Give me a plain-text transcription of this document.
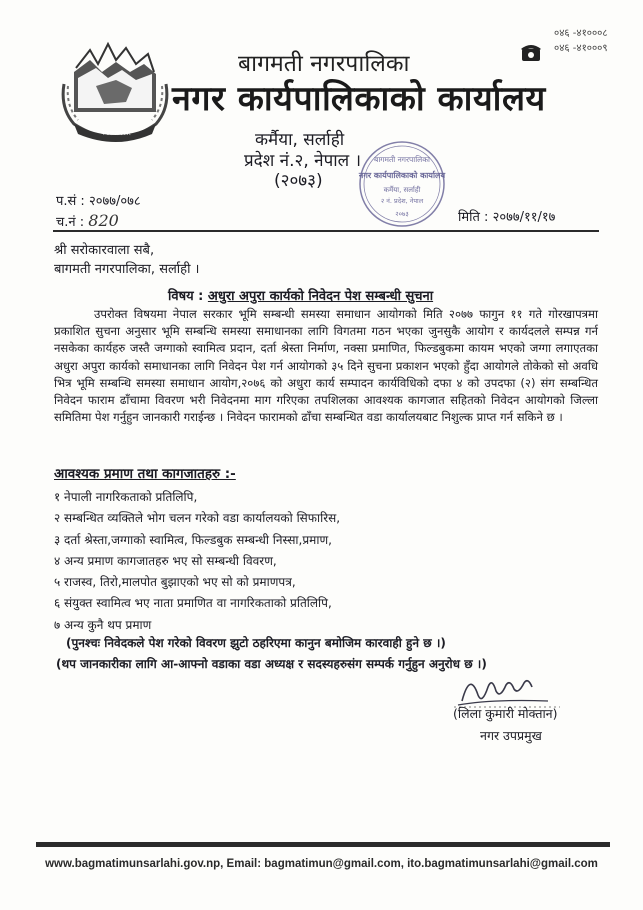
नेपाल सरकार
०४६ -४१०००८
०४६ -४१०००९
बागमती नगरपालिका
नगर कार्यपालिकाको कार्यालय
कर्मैया, सर्लाही
प्रदेश नं.२, नेपाल ।
(२०७३)
बागमती नगरपालिका
नगर कार्यपालिकाको कार्यालय
कर्मैया, सर्लाही
२ नं. प्रदेश, नेपाल
२०७३
प.सं : २०७७/०७८
च.नं : 820	मिति : २०७७/११/१७
श्री सरोकारवाला सबै,
बागमती नगरपालिका, सर्लाही ।
विषय : अधुरा अपुरा कार्यको निवेदन पेश सम्बन्धी सुचना
उपरोक्त विषयमा नेपाल सरकार भूमि सम्बन्धी समस्या समाधान आयोगको मिति २०७७ फागुन ११ गते गोरखापत्रमा प्रकाशित सुचना अनुसार भूमि सम्बन्धि समस्या समाधानका लागि विगतमा गठन भएका जुनसुकै आयोग र कार्यदलले सम्पन्न गर्न नसकेका कार्यहरु जस्तै जग्गाको स्वामित्व प्रदान, दर्ता श्रेस्ता निर्माण, नक्सा प्रमाणित, फिल्डबुकमा कायम भएको जग्गा लगाएतका अधुरा अपुरा कार्यको समाधानका लागि निवेदन पेश गर्न आयोगको ३५ दिने सुचना प्रकाशन भएको हुँदा आयोगले तोकेको सो अवधि भित्र भूमि सम्बन्धि समस्या समाधान आयोग,२०७६ को अधुरा कार्य सम्पादन कार्यविधिको दफा ४ को उपदफा (२) संग सम्बन्धित निवेदन फाराम ढाँचामा विवरण भरी निवेदनमा माग गरिएका तपशिलका आवश्यक कागजात सहितको निवेदन आयोगको जिल्ला समितिमा पेश गर्नुहुन जानकारी गराईन्छ । निवेदन फारामको ढाँचा सम्बन्धित वडा कार्यालयबाट निशुल्क प्राप्त गर्न सकिने छ ।
आवश्यक प्रमाण तथा कागजातहरु :-
१ नेपाली नागरिकताको प्रतिलिपि,
२ सम्बन्धित व्यक्तिले भोग चलन गरेको वडा कार्यालयको सिफारिस,
३ दर्ता श्रेस्ता,जग्गाको स्वामित्व, फिल्डबुक सम्बन्धी निस्सा,प्रमाण,
४ अन्य प्रमाण कागजातहरु भए सो सम्बन्धी विवरण,
५ राजस्व, तिरो,मालपोत बुझाएको भए सो को प्रमाणपत्र,
६ संयुक्त स्वामित्व भए नाता प्रमाणित वा नागरिकताको प्रतिलिपि,
७ अन्य कुनै थप प्रमाण
(पुनश्चः निवेदकले पेश गरेको विवरण झुटो ठहरिएमा कानुन बमोजिम कारवाही हुने छ ।)
(थप जानकारीका लागि आ-आफ्नो वडाका वडा अध्यक्ष र सदस्यहरुसंग सम्पर्क गर्नुहुन अनुरोध छ ।)
Sanu
(लिला कुमारी मोक्तान)
नगर उपप्रमुख
www.bagmatimunsarlahi.gov.np, Email: bagmatimun@gmail.com, ito.bagmatimunsarlahi@gmail.com
